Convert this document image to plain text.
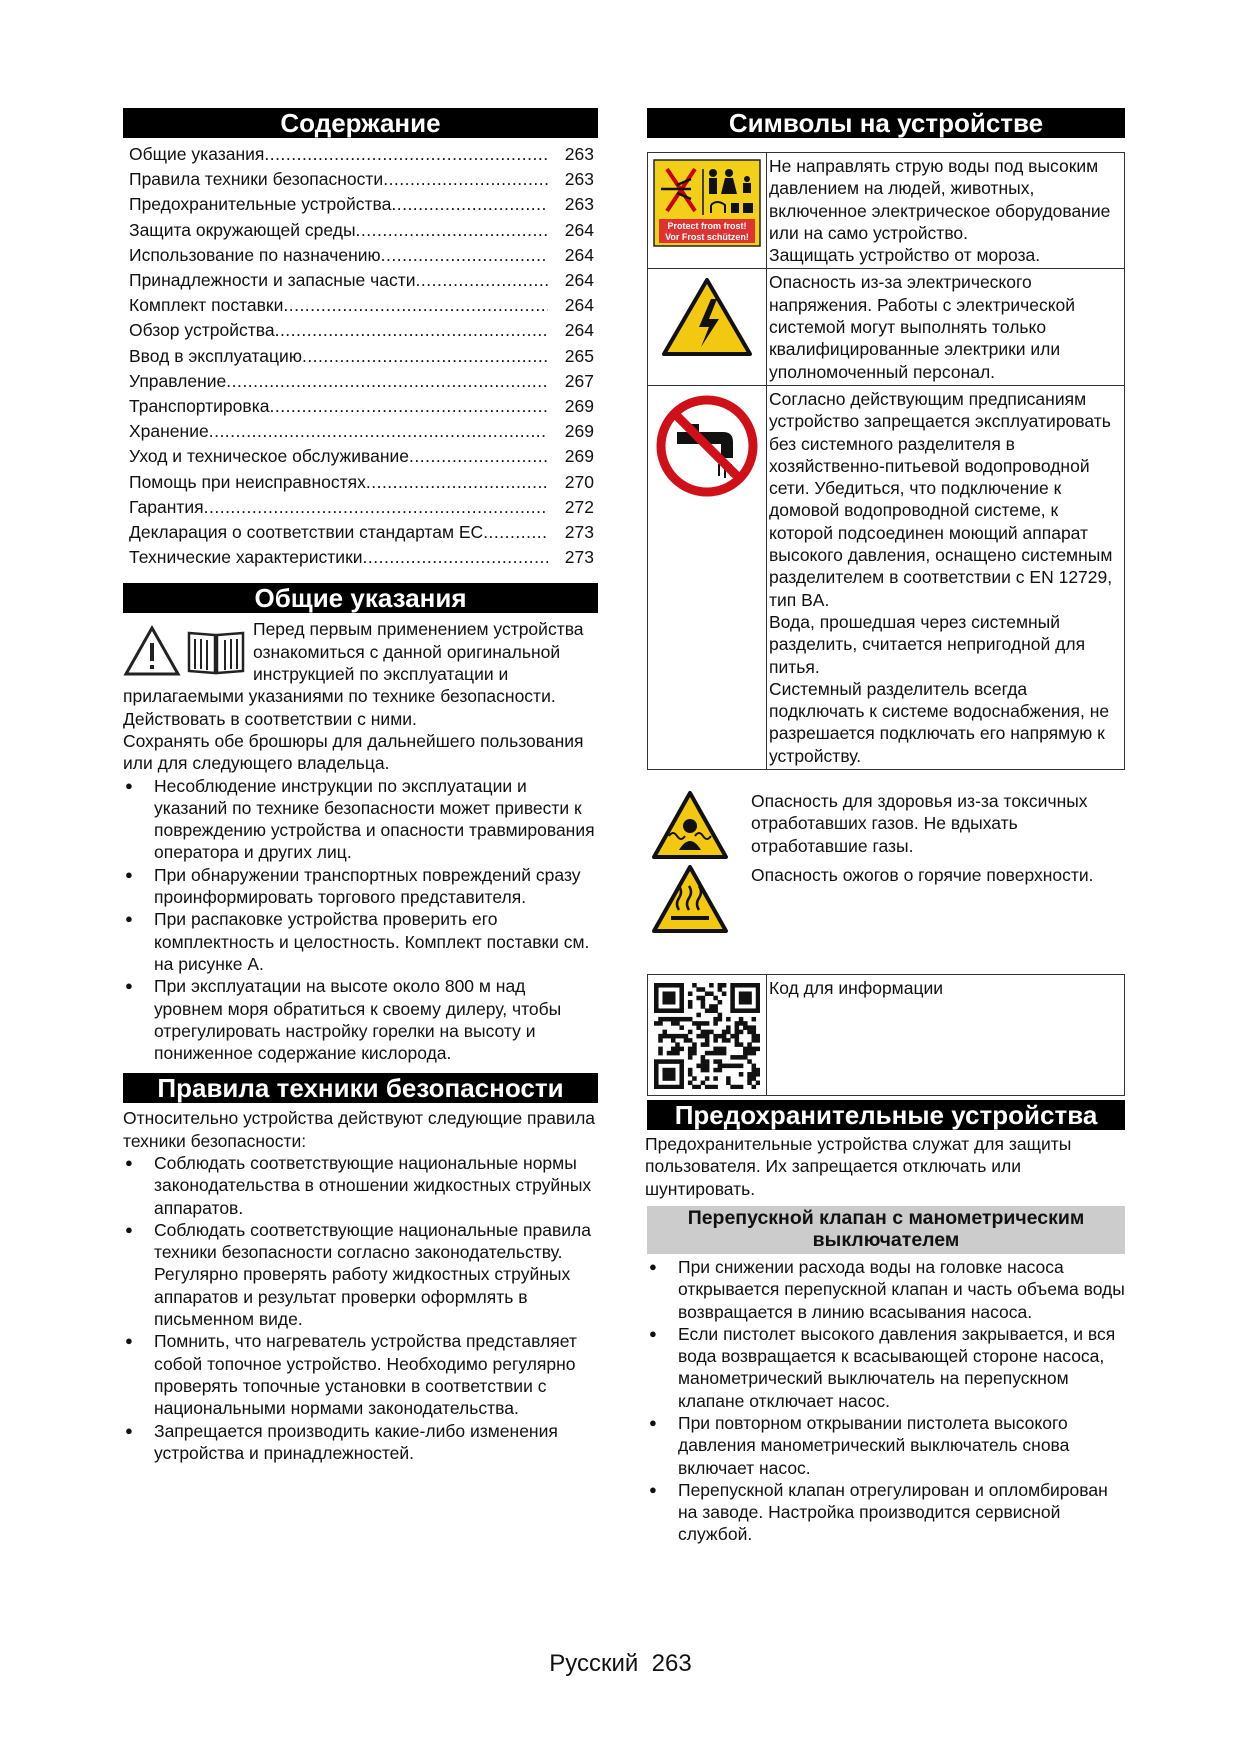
Содержание
Общие указания .....	263
Правила техники безопасности .....	263
Предохранительные устройства .....	263
Защита окружающей среды .....	264
Использование по назначению .....	264
Принадлежности и запасные части .....	264
Комплект поставки .....	264
Обзор устройства .....	264
Ввод в эксплуатацию .....	265
Управление .....	267
Транспортировка .....	269
Хранение .....	269
Уход и техническое обслуживание .....	269
Помощь при неисправностях .....	270
Гарантия .....	272
Декларация о соответствии стандартам ЕС .....	273
Технические характеристики .....	273
Общие указания
Перед первым применением устройства ознакомиться с данной оригинальной инструкцией по эксплуатации и прилагаемыми указаниями по технике безопасности. Действовать в соответствии с ними.
Сохранять обе брошюры для дальнейшего пользования или для следующего владельца.
● Несоблюдение инструкции по эксплуатации и указаний по технике безопасности может привести к повреждению устройства и опасности травмирования оператора и других лиц.
● При обнаружении транспортных повреждений сразу проинформировать торгового представителя.
● При распаковке устройства проверить его комплектность и целостность. Комплект поставки см. на рисунке A.
● При эксплуатации на высоте около 800 м над уровнем моря обратиться к своему дилеру, чтобы отрегулировать настройку горелки на высоту и пониженное содержание кислорода.
Правила техники безопасности
Относительно устройства действуют следующие правила техники безопасности:
● Соблюдать соответствующие национальные нормы законодательства в отношении жидкостных струйных аппаратов.
● Соблюдать соответствующие национальные правила техники безопасности согласно законодательству. Регулярно проверять работу жидкостных струйных аппаратов и результат проверки оформлять в письменном виде.
● Помнить, что нагреватель устройства представляет собой топочное устройство. Необходимо регулярно проверять топочные установки в соответствии с национальными нормами законодательства.
● Запрещается производить какие-либо изменения устройства и принадлежностей.
Символы на устройстве
Protect from frost!
Vor Frost schützen!
Не направлять струю воды под высоким давлением на людей, животных, включенное электрическое оборудование или на само устройство.
Защищать устройство от мороза.
Опасность из-за электрического напряжения. Работы с электрической системой могут выполнять только квалифицированные электрики или уполномоченный персонал.
Согласно действующим предписаниям устройство запрещается эксплуатировать без системного разделителя в хозяйственно-питьевой водопроводной сети. Убедиться, что подключение к домовой водопроводной системе, к которой подсоединен моющий аппарат высокого давления, оснащено системным разделителем в соответствии с EN 12729, тип BA.
Вода, прошедшая через системный разделить, считается непригодной для питья.
Системный разделитель всегда подключать к системе водоснабжения, не разрешается подключать его напрямую к устройству.
Опасность для здоровья из-за токсичных отработавших газов. Не вдыхать отработавшие газы.
Опасность ожогов о горячие поверхности.
Код для информации
Предохранительные устройства
Предохранительные устройства служат для защиты пользователя. Их запрещается отключать или шунтировать.
Перепускной клапан с манометрическим выключателем
● При снижении расхода воды на головке насоса открывается перепускной клапан и часть объема воды возвращается в линию всасывания насоса.
● Если пистолет высокого давления закрывается, и вся вода возвращается к всасывающей стороне насоса, манометрический выключатель на перепускном клапане отключает насос.
● При повторном открывании пистолета высокого давления манометрический выключатель снова включает насос.
● Перепускной клапан отрегулирован и опломбирован на заводе. Настройка производится сервисной службой.
Русский 263
